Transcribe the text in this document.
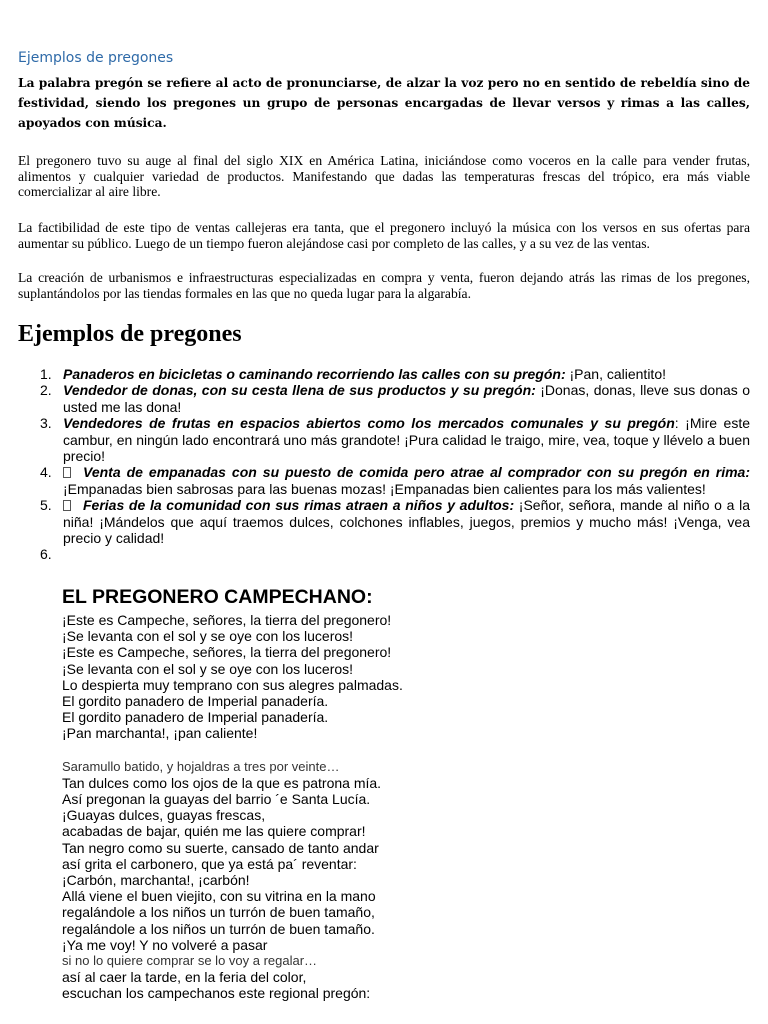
Ejemplos de pregones

La palabra pregón se refiere al acto de pronunciarse, de alzar la voz pero no en sentido de rebeldía sino de festividad, siendo los pregones un grupo de personas encargadas de llevar versos y rimas a las calles, apoyados con música.

El pregonero tuvo su auge al final del siglo XIX en América Latina, iniciándose como voceros en la calle para vender frutas, alimentos y cualquier variedad de productos. Manifestando que dadas las temperaturas frescas del trópico, era más viable comercializar al aire libre.

La factibilidad de este tipo de ventas callejeras era tanta, que el pregonero incluyó la música con los versos en sus ofertas para aumentar su público. Luego de un tiempo fueron alejándose casi por completo de las calles, y a su vez de las ventas.

La creación de urbanismos e infraestructuras especializadas en compra y venta, fueron dejando atrás las rimas de los pregones, suplantándolos por las tiendas formales en las que no queda lugar para la algarabía.

Ejemplos de pregones
1. Panaderos en bicicletas o caminando recorriendo las calles con su pregón: ¡Pan, calientito!
2. Vendedor de donas, con su cesta llena de sus productos y su pregón: ¡Donas, donas, lleve sus donas o usted me las dona!
3. Vendedores de frutas en espacios abiertos como los mercados comunales y su pregón: ¡Mire este cambur, en ningún lado encontrará uno más grandote! ¡Pura calidad le traigo, mire, vea, toque y llévelo a buen precio!
4. Venta de empanadas con su puesto de comida pero atrae al comprador con su pregón en rima: ¡Empanadas bien sabrosas para las buenas mozas! ¡Empanadas bien calientes para los más valientes!
5. Ferias de la comunidad con sus rimas atraen a niños y adultos: ¡Señor, señora, mande al niño o a la niña! ¡Mándelos que aquí traemos dulces, colchones inflables, juegos, premios y mucho más! ¡Venga, vea precio y calidad!
6.

EL PREGONERO CAMPECHANO:
¡Este es Campeche, señores, la tierra del pregonero!
¡Se levanta con el sol y se oye con los luceros!
¡Este es Campeche, señores, la tierra del pregonero!
¡Se levanta con el sol y se oye con los luceros!
Lo despierta muy temprano con sus alegres palmadas.
El gordito panadero de Imperial panadería.
El gordito panadero de Imperial panadería.
¡Pan marchanta!, ¡pan caliente!
Saramullo batido, y hojaldras a tres por veinte…
Tan dulces como los ojos de la que es patrona mía.
Así pregonan la guayas del barrio ´e Santa Lucía.
¡Guayas dulces, guayas frescas,
acabadas de bajar, quién me las quiere comprar!
Tan negro como su suerte, cansado de tanto andar
así grita el carbonero, que ya está pa´ reventar:
¡Carbón, marchanta!, ¡carbón!
Allá viene el buen viejito, con su vitrina en la mano
regalándole a los niños un turrón de buen tamaño,
regalándole a los niños un turrón de buen tamaño.
¡Ya me voy! Y no volveré a pasar
si no lo quiere comprar se lo voy a regalar…
así al caer la tarde, en la feria del color,
escuchan los campechanos este regional pregón:
